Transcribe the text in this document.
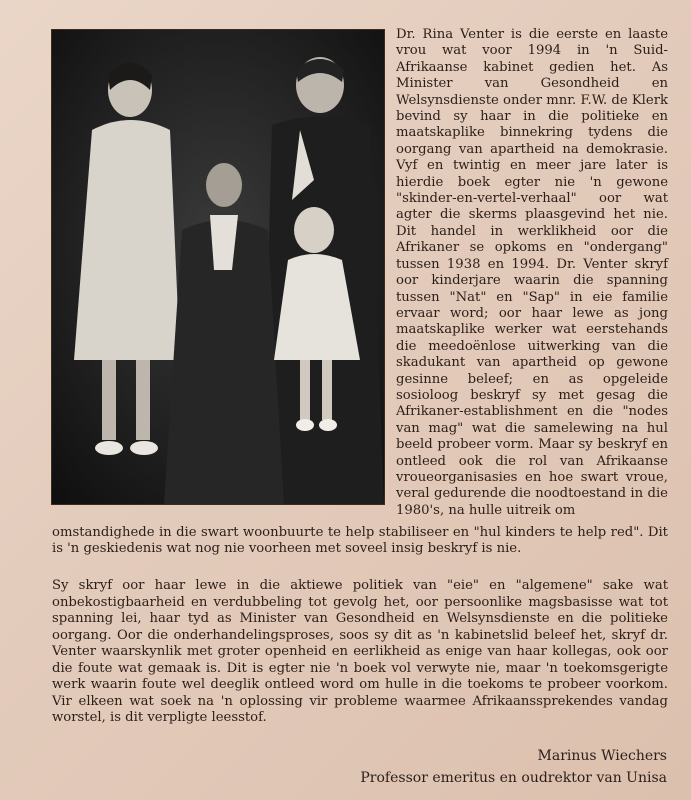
Dr. Rina Venter is die eerste en laaste vrou wat voor 1994 in 'n Suid-Afrikaanse kabinet gedien het. As Minister van Gesondheid en Welsynsdienste onder mnr. F.W. de Klerk bevind sy haar in die politieke en maatskaplike binnekring tydens die oorgang van apartheid na demokrasie. Vyf en twintig en meer jare later is hierdie boek egter nie 'n gewone "skinder-en-vertel-verhaal" oor wat agter die skerms plaasgevind het nie. Dit handel in werklikheid oor die Afrikaner se opkoms en "ondergang" tussen 1938 en 1994. Dr. Venter skryf oor kinderjare waarin die spanning tussen "Nat" en "Sap" in eie familie ervaar word; oor haar lewe as jong maatskaplike werker wat eerstehands die meedoënlose uitwerking van die skadukant van apartheid op gewone gesinne beleef; en as opgeleide sosioloog beskryf sy met gesag die Afrikaner-establishment en die "nodes van mag" wat die samelewing na hul beeld probeer vorm. Maar sy beskryf en ontleed ook die rol van Afrikaanse vroueorganisasies en hoe swart vroue, veral gedurende die noodtoestand in die 1980's, na hulle uitreik om
omstandighede in die swart woonbuurte te help stabiliseer en "hul kinders te help red". Dit is 'n geskiedenis wat nog nie voorheen met soveel insig beskryf is nie.
Sy skryf oor haar lewe in die aktiewe politiek van "eie" en "algemene" sake wat onbekostigbaarheid en verdubbeling tot gevolg het, oor persoonlike magsbasisse wat tot spanning lei, haar tyd as Minister van Gesondheid en Welsynsdienste en die politieke oorgang. Oor die onderhandelingsproses, soos sy dit as 'n kabinetslid beleef het, skryf dr. Venter waarskynlik met groter openheid en eerlikheid as enige van haar kollegas, ook oor die foute wat gemaak is. Dit is egter nie 'n boek vol verwyte nie, maar 'n toekomsgerigte werk waarin foute wel deeglik ontleed word om hulle in die toekoms te probeer voorkom. Vir elkeen wat soek na 'n oplossing vir probleme waarmee Afrikaanssprekendes vandag worstel, is dit verpligte leesstof.
Marinus Wiechers
Professor emeritus en oudrektor van Unisa
